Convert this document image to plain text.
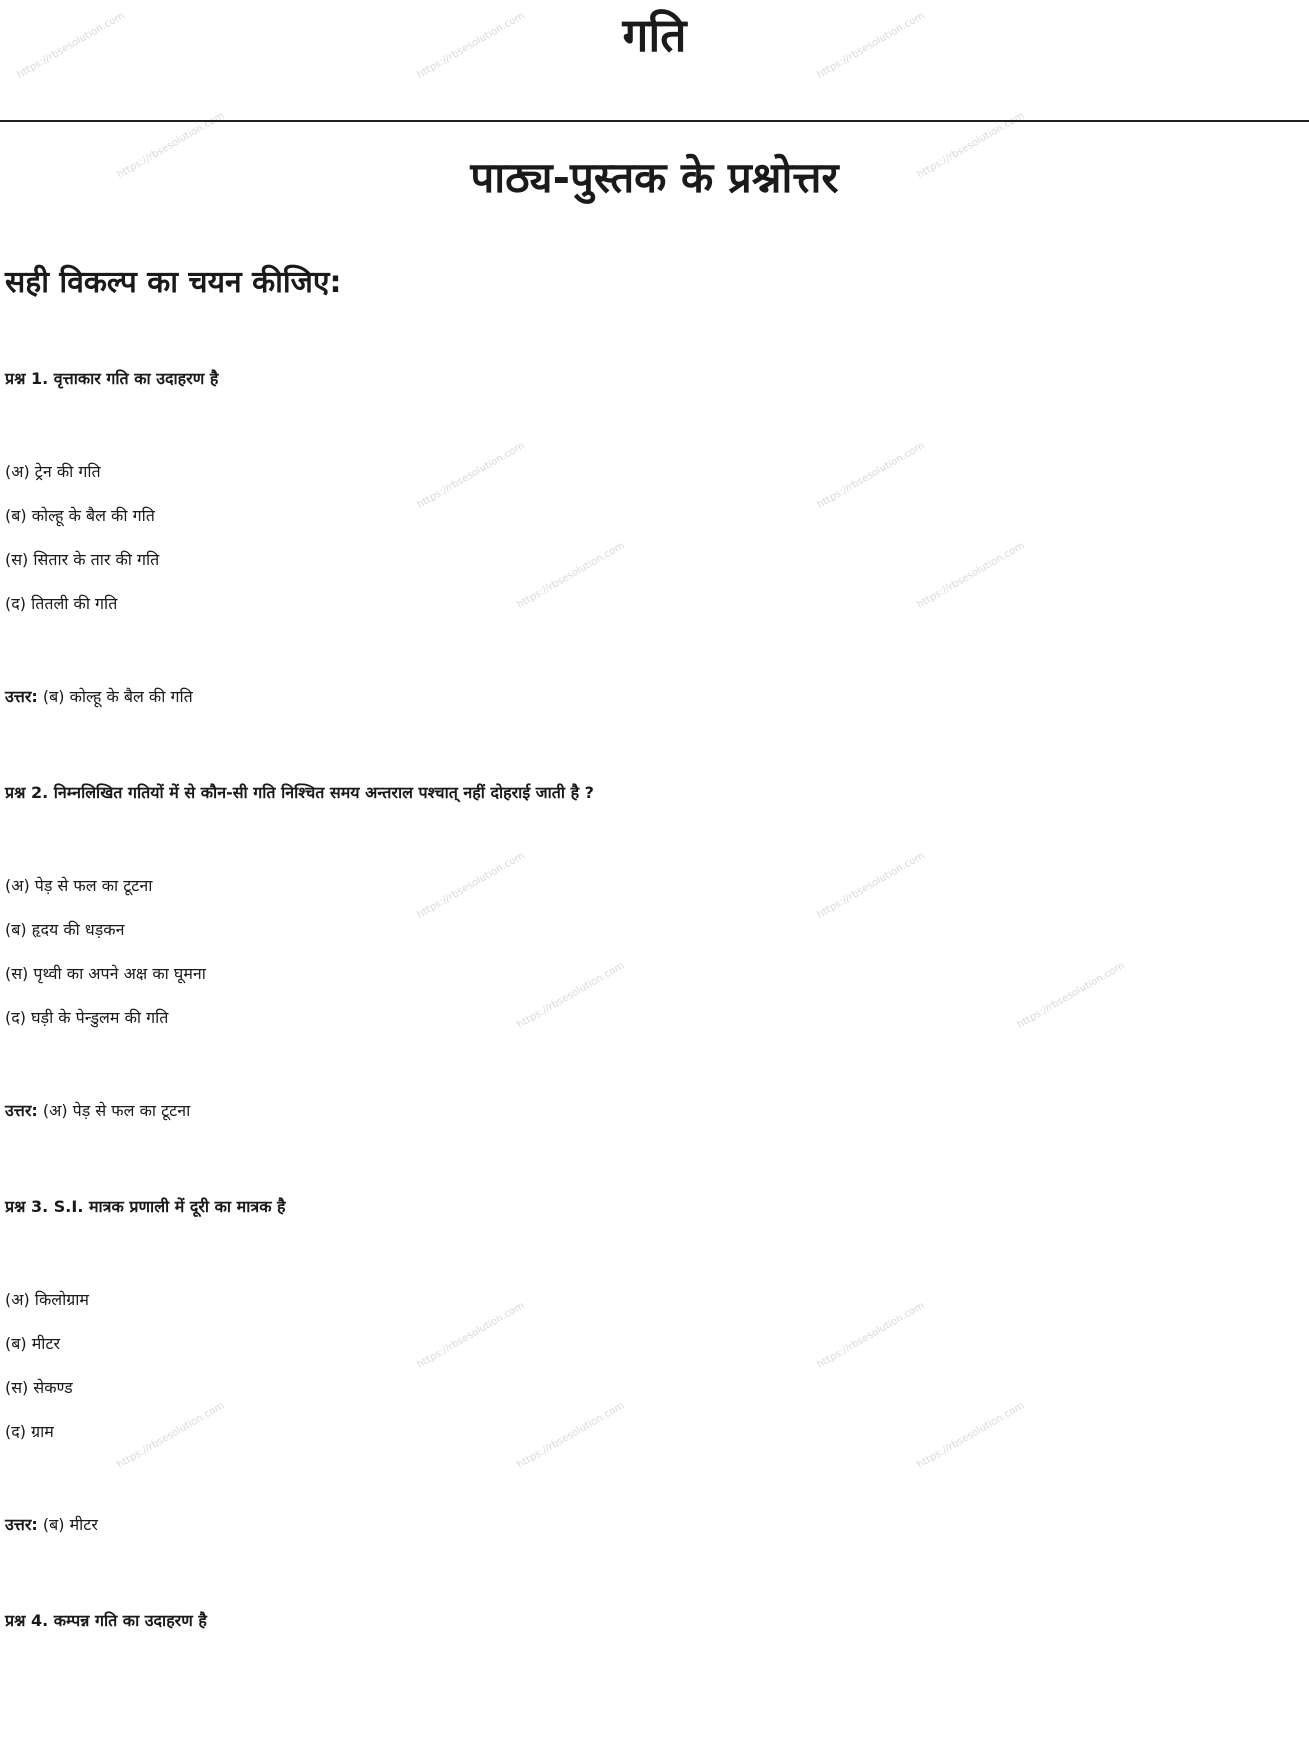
https://rbsesolution.com	https://rbsesolution.com	https://rbsesolution.com
https://rbsesolution.com	https://rbsesolution.com
https://rbsesolution.com	https://rbsesolution.com
https://rbsesolution.com	https://rbsesolution.com
https://rbsesolution.com	https://rbsesolution.com
https://rbsesolution.com	https://rbsesolution.com
https://rbsesolution.com	https://rbsesolution.com
https://rbsesolution.com	https://rbsesolution.com	https://rbsesolution.com
गति
पाठ्य-पुस्तक के प्रश्नोत्तर

सही विकल्प का चयन कीजिए:

प्रश्न 1. वृत्ताकार गति का उदाहरण है

(अ) ट्रेन की गति
(ब) कोल्हू के बैल की गति
(स) सितार के तार की गति
(द) तितली की गति

उत्तर: (ब) कोल्हू के बैल की गति

प्रश्न 2. निम्नलिखित गतियों में से कौन-सी गति निश्चित समय अन्तराल पश्चात् नहीं दोहराई जाती है ?

(अ) पेड़ से फल का टूटना
(ब) हृदय की धड़कन
(स) पृथ्वी का अपने अक्ष का घूमना
(द) घड़ी के पेन्डुलम की गति

उत्तर: (अ) पेड़ से फल का टूटना

प्रश्न 3. S.I. मात्रक प्रणाली में दूरी का मात्रक है

(अ) किलोग्राम
(ब) मीटर
(स) सेकण्ड
(द) ग्राम

उत्तर: (ब) मीटर

प्रश्न 4. कम्पन्न गति का उदाहरण है
